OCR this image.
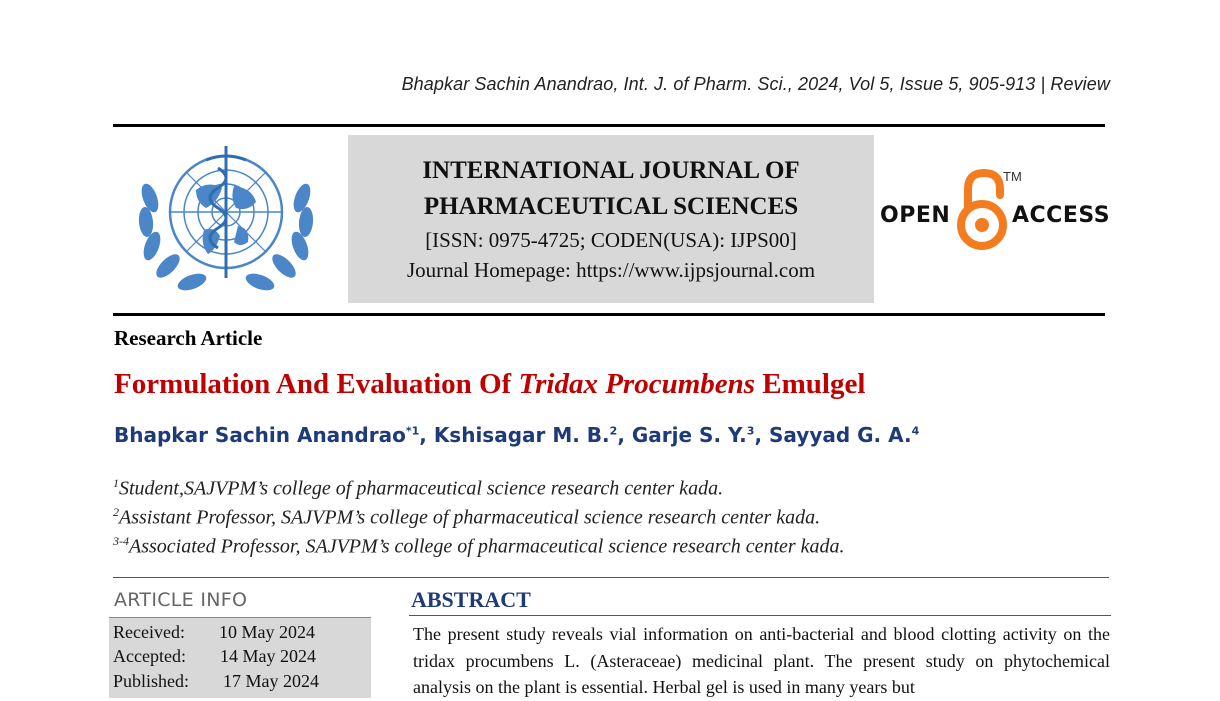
Bhapkar Sachin Anandrao, Int. J. of Pharm. Sci., 2024, Vol 5, Issue 5, 905-913 | Review
INTERNATIONAL JOURNAL OF
PHARMACEUTICAL SCIENCES
[ISSN: 0975-4725; CODEN(USA): IJPS00]
Journal Homepage: https://www.ijpsjournal.com
OPEN
TM
ACCESS
Research Article
Formulation And Evaluation Of Tridax Procumbens Emulgel
Bhapkar Sachin Anandrao$^{*1}$, Kshisagar M. B.$^2$, Garje S. Y.$^3$, Sayyad G. A.$^4$
$^1$Student,SAJVPM’s college of pharmaceutical science research center kada.
$^2$Assistant Professor, SAJVPM’s college of pharmaceutical science research center kada.
$^{3-4}$Associated Professor, SAJVPM’s college of pharmaceutical science research center kada.
ARTICLE INFO
Received: 10 May 2024
Accepted: 14 May 2024
Published: 17 May 2024
ABSTRACT
The present study reveals vial information on anti-bacterial and blood clotting activity on the tridax procumbens L. (Asteraceae) medicinal plant. The present study on phytochemical analysis on the plant is essential. Herbal gel is used in many years but
